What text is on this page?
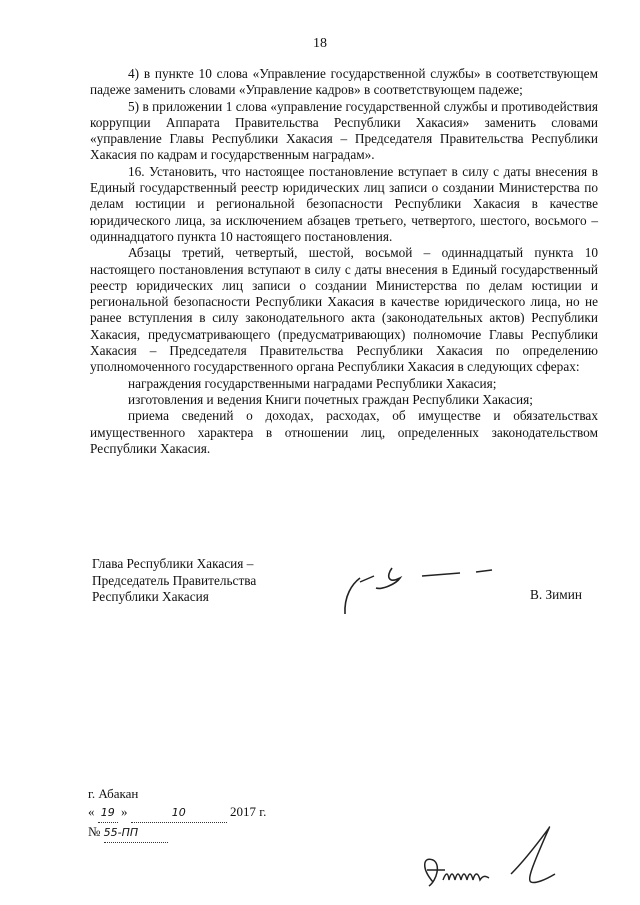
18

4) в пункте 10 слова «Управление государственной службы» в соответствующем падеже заменить словами «Управление кадров» в соответствующем падеже;

5) в приложении 1 слова «управление государственной службы и противодействия коррупции Аппарата Правительства Республики Хакасия» заменить словами «управление Главы Республики Хакасия – Председателя Правительства Республики Хакасия по кадрам и государственным наградам».

16. Установить, что настоящее постановление вступает в силу с даты внесения в Единый государственный реестр юридических лиц записи о создании Министерства по делам юстиции и региональной безопасности Республики Хакасия в качестве юридического лица, за исключением абзацев третьего, четвертого, шестого, восьмого – одиннадцатого пункта 10 настоящего постановления.

Абзацы третий, четвертый, шестой, восьмой – одиннадцатый пункта 10 настоящего постановления вступают в силу с даты внесения в Единый государственный реестр юридических лиц записи о создании Министерства по делам юстиции и региональной безопасности Республики Хакасия в качестве юридического лица, но не ранее вступления в силу законодательного акта (законодательных актов) Республики Хакасия, предусматривающего (предусматривающих) полномочие Главы Республики Хакасия – Председателя Правительства Республики Хакасия по определению уполномоченного государственного органа Республики Хакасия в следующих сферах:

награждения государственными наградами Республики Хакасия;

изготовления и ведения Книги почетных граждан Республики Хакасия;

приема сведений о доходах, расходах, об имуществе и обязательствах имущественного характера в отношении лиц, определенных законодательством Республики Хакасия.

Глава Республики Хакасия –
Председатель Правительства
Республики Хакасия	В. Зимин
г. Абакан
« 19 »	10	2017 г.
№ 55-ПП
